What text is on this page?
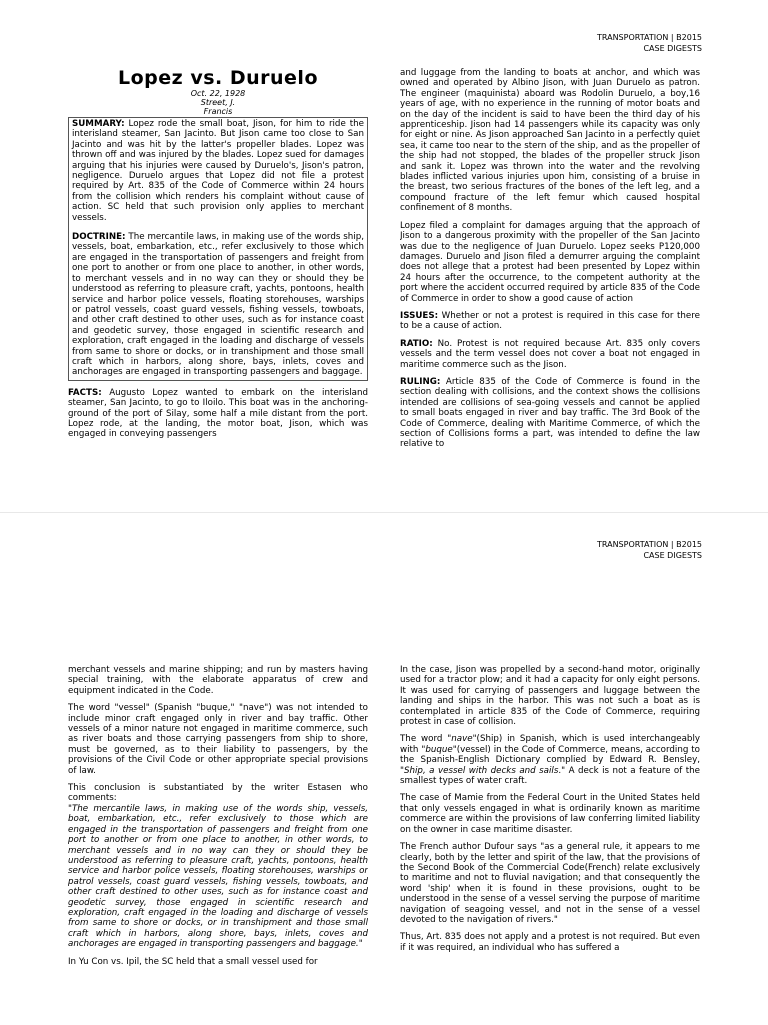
TRANSPORTATION | B2015
CASE DIGESTS
Lopez vs. Duruelo
Oct. 22, 1928
Street, J.
Francis

SUMMARY: Lopez rode the small boat, Jison, for him to ride the interisland steamer, San Jacinto. But Jison came too close to San Jacinto and was hit by the latter's propeller blades. Lopez was thrown off and was injured by the blades. Lopez sued for damages arguing that his injuries were caused by Duruelo's, Jison's patron, negligence. Duruelo argues that Lopez did not file a protest required by Art. 835 of the Code of Commerce within 24 hours from the collision which renders his complaint without cause of action. SC held that such provision only applies to merchant vessels.

DOCTRINE: The mercantile laws, in making use of the words ship, vessels, boat, embarkation, etc., refer exclusively to those which are engaged in the transportation of passengers and freight from one port to another or from one place to another, in other words, to merchant vessels and in no way can they or should they be understood as referring to pleasure craft, yachts, pontoons, health service and harbor police vessels, floating storehouses, warships or patrol vessels, coast guard vessels, fishing vessels, towboats, and other craft destined to other uses, such as for instance coast and geodetic survey, those engaged in scientific research and exploration, craft engaged in the loading and discharge of vessels from same to shore or docks, or in transhipment and those small craft which in harbors, along shore, bays, inlets, coves and anchorages are engaged in transporting passengers and baggage.

FACTS: Augusto Lopez wanted to embark on the interisland steamer, San Jacinto, to go to Iloilo. This boat was in the anchoring-ground of the port of Silay, some half a mile distant from the port. Lopez rode, at the landing, the motor boat, Jison, which was engaged in conveying passengers

and luggage from the landing to boats at anchor, and which was owned and operated by Albino Jison, with Juan Duruelo as patron. The engineer (maquinista) aboard was Rodolin Duruelo, a boy,16 years of age, with no experience in the running of motor boats and on the day of the incident is said to have been the third day of his apprenticeship. Jison had 14 passengers while its capacity was only for eight or nine. As Jison approached San Jacinto in a perfectly quiet sea, it came too near to the stern of the ship, and as the propeller of the ship had not stopped, the blades of the propeller struck Jison and sank it. Lopez was thrown into the water and the revolving blades inflicted various injuries upon him, consisting of a bruise in the breast, two serious fractures of the bones of the left leg, and a compound fracture of the left femur which caused hospital confinement of 8 months.

Lopez filed a complaint for damages arguing that the approach of Jison to a dangerous proximity with the propeller of the San Jacinto was due to the negligence of Juan Duruelo. Lopez seeks P120,000 damages. Duruelo and Jison filed a demurrer arguing the complaint does not allege that a protest had been presented by Lopez within 24 hours after the occurrence, to the competent authority at the port where the accident occurred required by article 835 of the Code of Commerce in order to show a good cause of action

ISSUES: Whether or not a protest is required in this case for there to be a cause of action.

RATIO: No. Protest is not required because Art. 835 only covers vessels and the term vessel does not cover a boat not engaged in maritime commerce such as the Jison.

RULING: Article 835 of the Code of Commerce is found in the section dealing with collisions, and the context shows the collisions intended are collisions of sea-going vessels and cannot be applied to small boats engaged in river and bay traffic. The 3rd Book of the Code of Commerce, dealing with Maritime Commerce, of which the section of Collisions forms a part, was intended to define the law relative to

TRANSPORTATION | B2015
CASE DIGESTS

merchant vessels and marine shipping; and run by masters having special training, with the elaborate apparatus of crew and equipment indicated in the Code.

The word "vessel" (Spanish "buque," "nave") was not intended to include minor craft engaged only in river and bay traffic. Other vessels of a minor nature not engaged in maritime commerce, such as river boats and those carrying passengers from ship to shore, must be governed, as to their liability to passengers, by the provisions of the Civil Code or other appropriate special provisions of law.

This conclusion is substantiated by the writer Estasen who comments:

"The mercantile laws, in making use of the words ship, vessels, boat, embarkation, etc., refer exclusively to those which are engaged in the transportation of passengers and freight from one port to another or from one place to another, in other words, to merchant vessels and in no way can they or should they be understood as referring to pleasure craft, yachts, pontoons, health service and harbor police vessels, floating storehouses, warships or patrol vessels, coast guard vessels, fishing vessels, towboats, and other craft destined to other uses, such as for instance coast and geodetic survey, those engaged in scientific research and exploration, craft engaged in the loading and discharge of vessels from same to shore or docks, or in transhipment and those small craft which in harbors, along shore, bays, inlets, coves and anchorages are engaged in transporting passengers and baggage."

In Yu Con vs. Ipil, the SC held that a small vessel used for

In the case, Jison was propelled by a second-hand motor, originally used for a tractor plow; and it had a capacity for only eight persons. It was used for carrying of passengers and luggage between the landing and ships in the harbor. This was not such a boat as is contemplated in article 835 of the Code of Commerce, requiring protest in case of collision.

The word "nave"(Ship) in Spanish, which is used interchangeably with "buque"(vessel) in the Code of Commerce, means, according to the Spanish-English Dictionary complied by Edward R. Bensley, "Ship, a vessel with decks and sails." A deck is not a feature of the smallest types of water craft.

The case of Mamie from the Federal Court in the United States held that only vessels engaged in what is ordinarily known as maritime commerce are within the provisions of law conferring limited liability on the owner in case maritime disaster.

The French author Dufour says "as a general rule, it appears to me clearly, both by the letter and spirit of the law, that the provisions of the Second Book of the Commercial Code(French) relate exclusively to maritime and not to fluvial navigation; and that consequently the word 'ship' when it is found in these provisions, ought to be understood in the sense of a vessel serving the purpose of maritime navigation of seagoing vessel, and not in the sense of a vessel devoted to the navigation of rivers."

Thus, Art. 835 does not apply and a protest is not required. But even if it was required, an individual who has suffered a
